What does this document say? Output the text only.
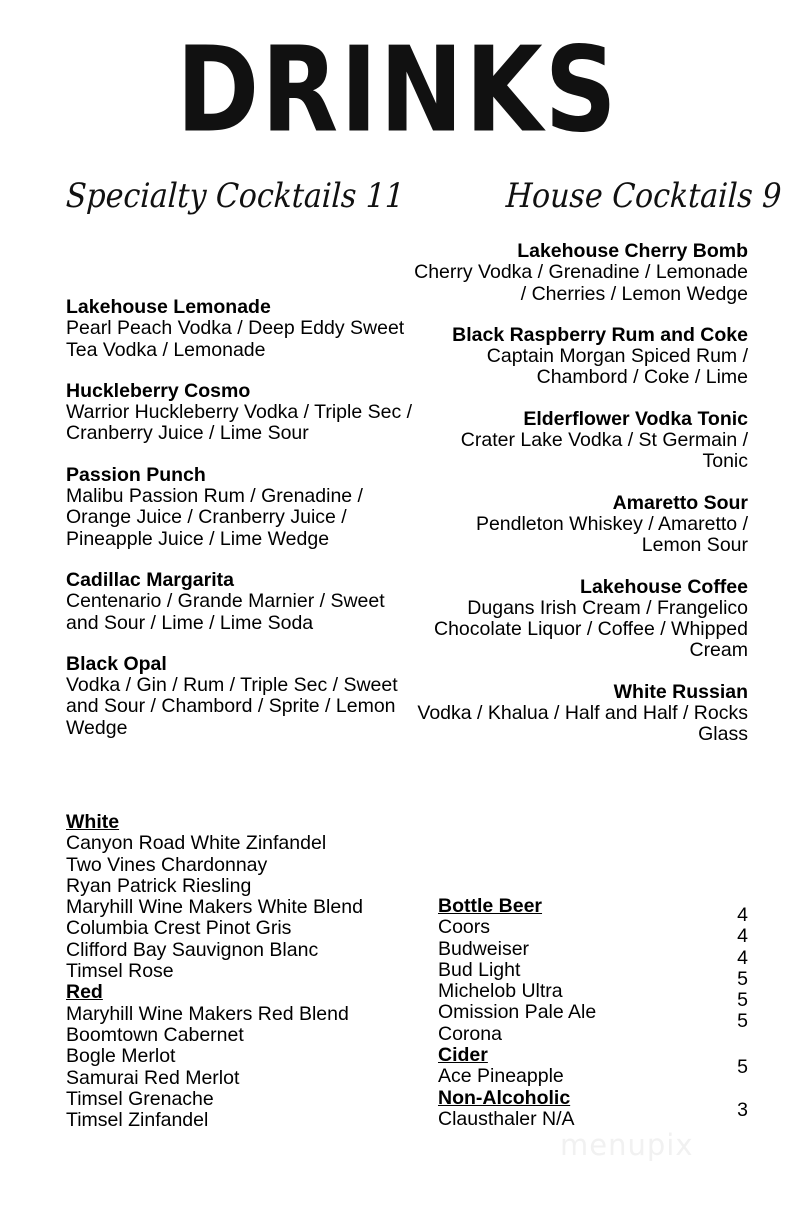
DRINKS
Specialty Cocktails 11	House Cocktails 9
Lakehouse Lemonade
Pearl Peach Vodka / Deep Eddy Sweet Tea Vodka / Lemonade
Huckleberry Cosmo
Warrior Huckleberry Vodka / Triple Sec / Cranberry Juice / Lime Sour
Passion Punch
Malibu Passion Rum / Grenadine / Orange Juice / Cranberry Juice / Pineapple Juice / Lime Wedge
Cadillac Margarita
Centenario / Grande Marnier / Sweet and Sour / Lime / Lime Soda
Black Opal
Vodka / Gin / Rum / Triple Sec / Sweet and Sour / Chambord / Sprite / Lemon Wedge
Lakehouse Cherry Bomb
Cherry Vodka / Grenadine / Lemonade / Cherries / Lemon Wedge
Black Raspberry Rum and Coke
Captain Morgan Spiced Rum / Chambord / Coke / Lime
Elderflower Vodka Tonic
Crater Lake Vodka / St Germain / Tonic
Amaretto Sour
Pendleton Whiskey / Amaretto / Lemon Sour
Lakehouse Coffee
Dugans Irish Cream / Frangelico Chocolate Liquor / Coffee / Whipped Cream
White Russian
Vodka / Khalua / Half and Half / Rocks Glass
White
Canyon Road White Zinfandel
Two Vines Chardonnay
Ryan Patrick Riesling
Maryhill Wine Makers White Blend
Columbia Crest Pinot Gris
Clifford Bay Sauvignon Blanc
Timsel Rose
Red
Maryhill Wine Makers Red Blend
Boomtown Cabernet
Bogle Merlot
Samurai Red Merlot
Timsel Grenache
Timsel Zinfandel
Bottle Beer
Coors
Budweiser
Bud Light
Michelob Ultra
Omission Pale Ale
Corona
Cider
Ace Pineapple
Non-Alcoholic
Clausthaler N/A
4
4
4
5
5
5
5
3
menupix
